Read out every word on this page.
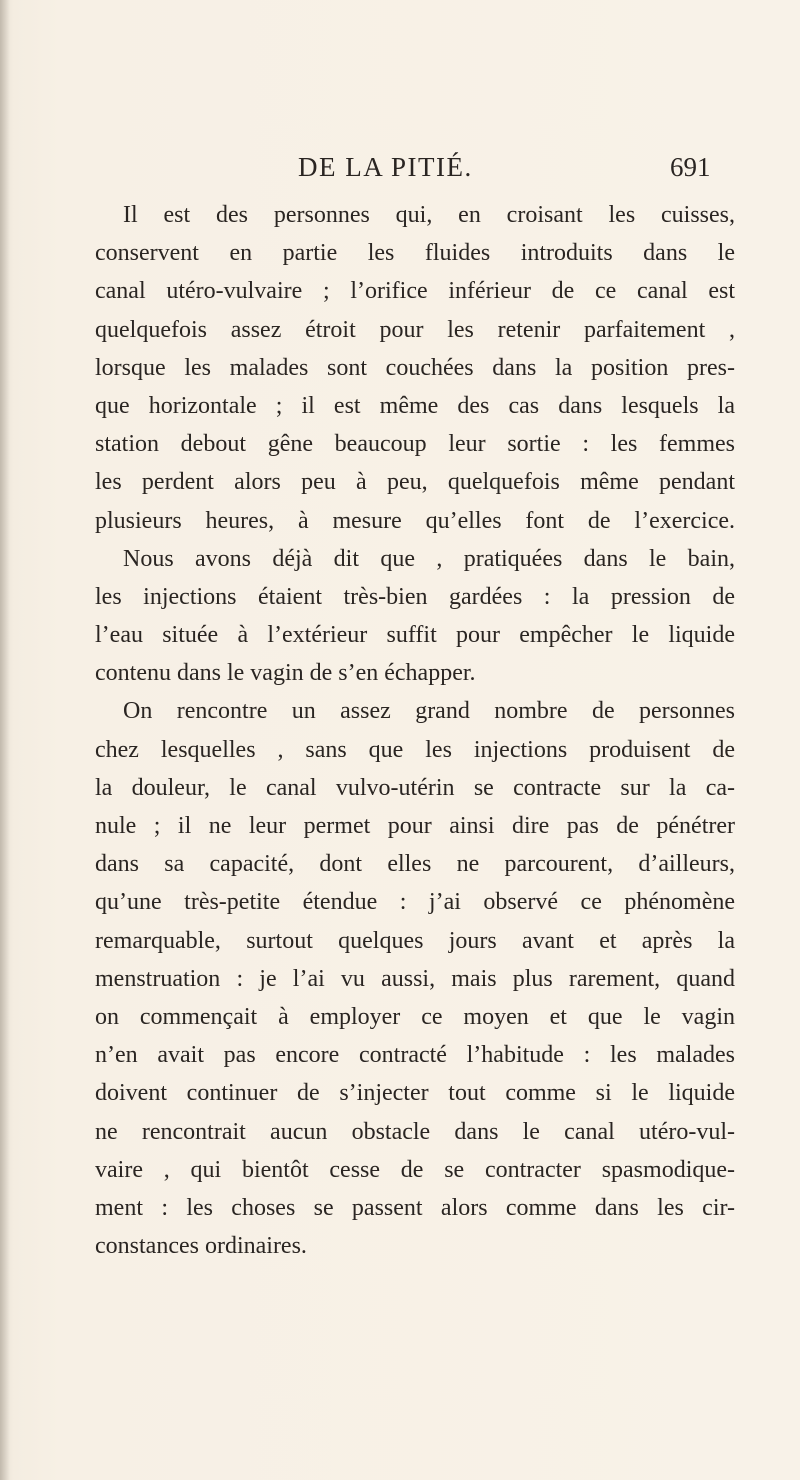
DE LA PITIÉ.	691
Il est des personnes qui, en croisant les cuisses,
conservent en partie les fluides introduits dans le
canal utéro-vulvaire ; l’orifice inférieur de ce canal est
quelquefois assez étroit pour les retenir parfaitement ,
lorsque les malades sont couchées dans la position pres-
que horizontale ; il est même des cas dans lesquels la
station debout gêne beaucoup leur sortie : les femmes
les perdent alors peu à peu, quelquefois même pendant
plusieurs heures, à mesure qu’elles font de l’exercice.
Nous avons déjà dit que , pratiquées dans le bain,
les injections étaient très-bien gardées : la pression de
l’eau située à l’extérieur suffit pour empêcher le liquide
contenu dans le vagin de s’en échapper.
On rencontre un assez grand nombre de personnes
chez lesquelles , sans que les injections produisent de
la douleur, le canal vulvo-utérin se contracte sur la ca-
nule ; il ne leur permet pour ainsi dire pas de pénétrer
dans sa capacité, dont elles ne parcourent, d’ailleurs,
qu’une très-petite étendue : j’ai observé ce phénomène
remarquable, surtout quelques jours avant et après la
menstruation : je l’ai vu aussi, mais plus rarement, quand
on commençait à employer ce moyen et que le vagin
n’en avait pas encore contracté l’habitude : les malades
doivent continuer de s’injecter tout comme si le liquide
ne rencontrait aucun obstacle dans le canal utéro-vul-
vaire , qui bientôt cesse de se contracter spasmodique-
ment : les choses se passent alors comme dans les cir-
constances ordinaires.
